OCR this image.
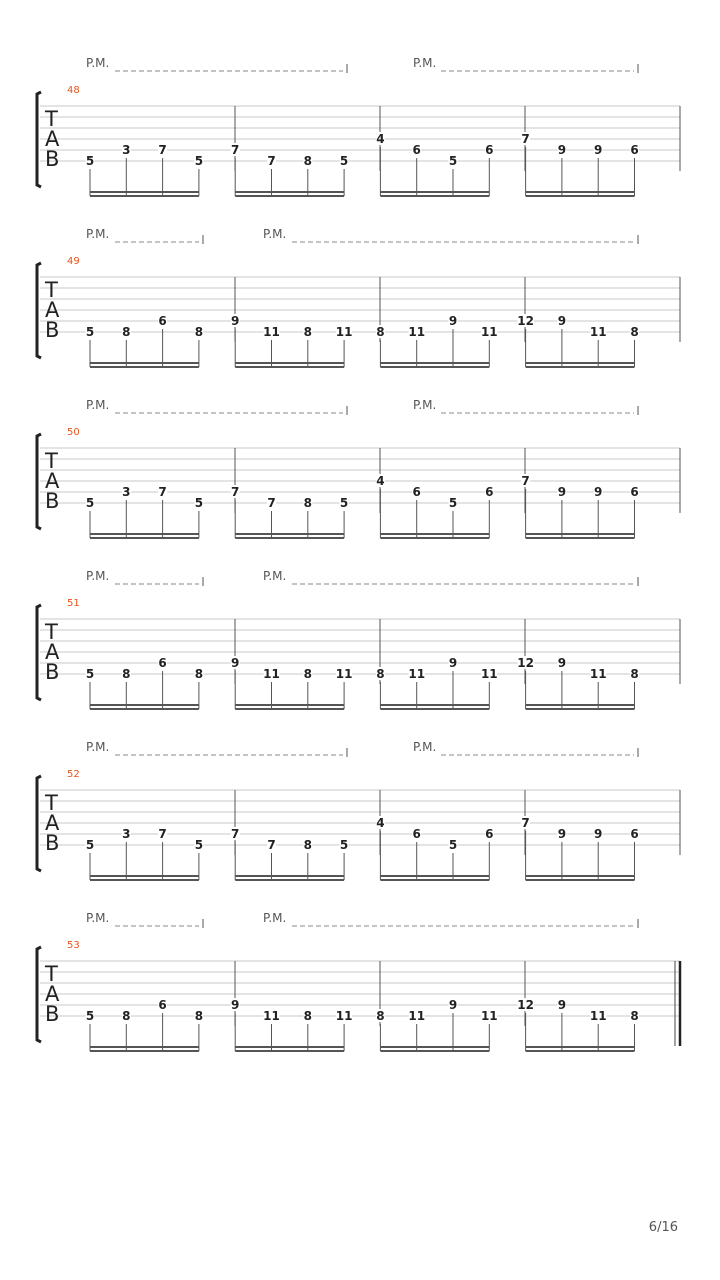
48
P.M.	P.M.
T
A
B 5
3 7
5
7
7 8 5
4
6
5
6
7
9 9 6
49
P.M.	P.M.
T
A
B 5 8
6
8
9
11 8 11 8 11
9
11
12 9
11 8
50
P.M.	P.M.
T
A
B 5
3 7
5
7
7 8 5
4
6
5
6
7
9 9 6
51
P.M.	P.M.
T
A
B 5 8
6
8
9
11 8 11 8 11
9
11
12 9
11 8
52
P.M.	P.M.
T
A
B 5
3 7
5
7
7 8 5
4
6
5
6
7
9 9 6
53
P.M.	P.M.
T
A
B 5 8
6
8
9
11 8 11 8 11
9
11
12 9
11 8
6/16
